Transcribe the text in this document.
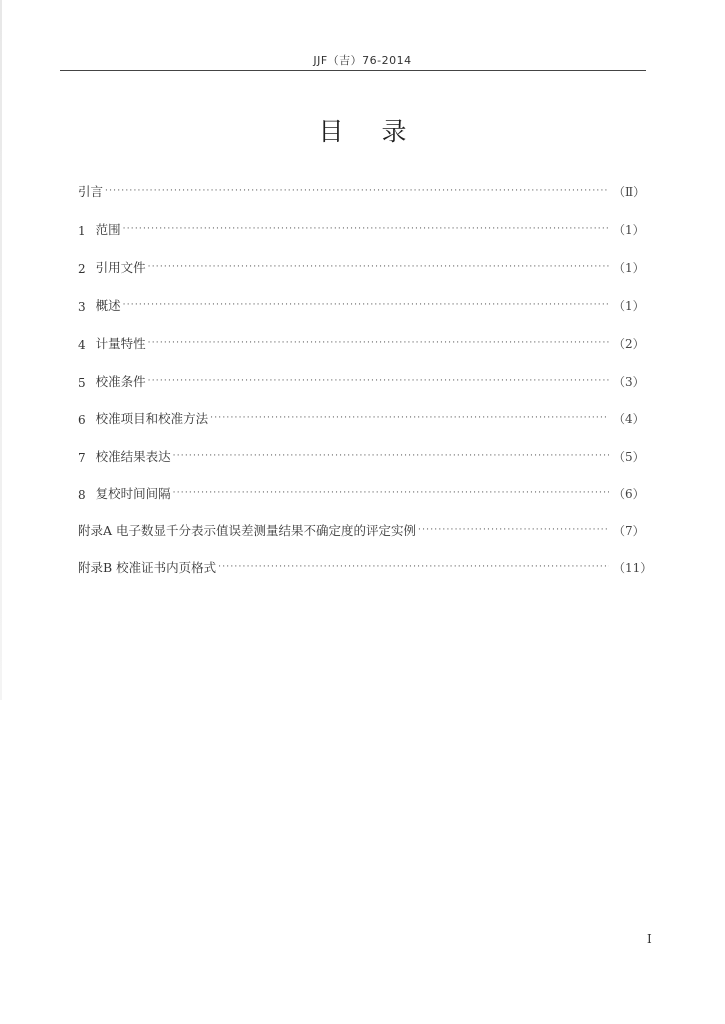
JJF（吉）76-2014
目录
引言 ·····	（Ⅱ）
1 范围 ·····	（1）
2 引用文件 ·····	（1）
3 概述 ·····	（1）
4 计量特性 ·····	（2）
5 校准条件 ·····	（3）
6 校准项目和校准方法 ·····	（4）
7 校准结果表达 ·····	（5）
8 复校时间间隔 ·····	（6）
附录A 电子数显千分表示值误差测量结果不确定度的评定实例 ·····	（7）
附录B 校准证书内页格式 ·····	（11）
I
